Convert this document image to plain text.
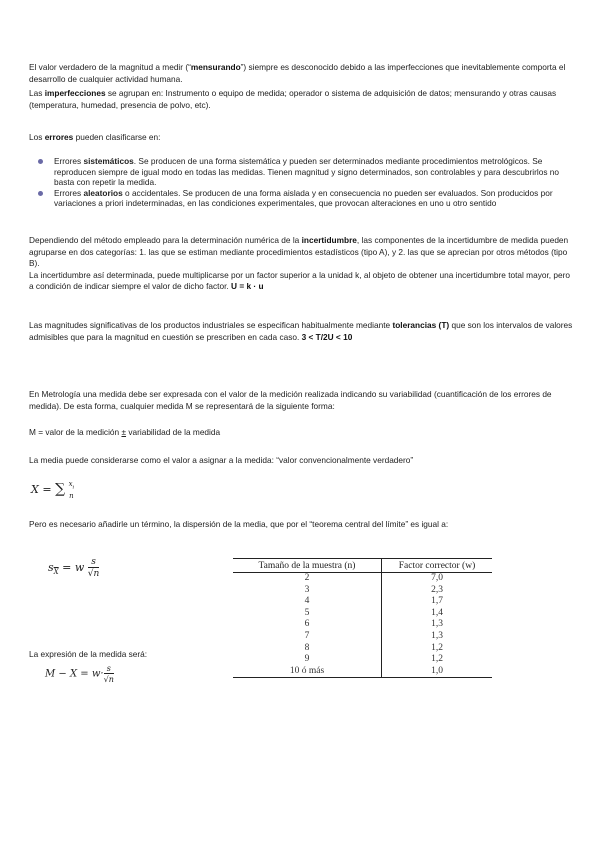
El valor verdadero de la magnitud a medir (“mensurando”) siempre es desconocido debido a las imperfecciones que inevitablemente comporta el desarrollo de cualquier actividad humana.

Las imperfecciones se agrupan en: Instrumento o equipo de medida; operador o sistema de adquisición de datos; mensurando y otras causas (temperatura, humedad, presencia de polvo, etc).

Los errores pueden clasificarse en:

Errores sistemáticos. Se producen de una forma sistemática y pueden ser determinados mediante procedimientos metrológicos. Se reproducen siempre de igual modo en todas las medidas. Tienen magnitud y signo determinados, son controlables y para descubrirlos no basta con repetir la medida.
Errores aleatorios o accidentales. Se producen de una forma aislada y en consecuencia no pueden ser evaluados. Son producidos por variaciones a priori indeterminadas, en las condiciones experimentales, que provocan alteraciones en uno u otro sentido

Dependiendo del método empleado para la determinación numérica de la incertidumbre, las componentes de la incertidumbre de medida pueden agruparse en dos categorías: 1. las que se estiman mediante procedimientos estadísticos (tipo A), y 2. las que se aprecian por otros métodos (tipo B).
La incertidumbre así determinada, puede multiplicarse por un factor superior a la unidad k, al objeto de obtener una incertidumbre total mayor, pero a condición de indicar siempre el valor de dicho factor. U = k · u

Las magnitudes significativas de los productos industriales se especifican habitualmente mediante tolerancias (T) que son los intervalos de valores admisibles que para la magnitud en cuestión se prescriben en cada caso. 3 < T/2U < 10

En Metrología una medida debe ser expresada con el valor de la medición realizada indicando su variabilidad (cuantificación de los errores de medida). De esta forma, cualquier medida M se representará de la siguiente forma:

M = valor de la medición ± variabilidad de la medida

La media puede considerarse como el valor a asignar a la medida: “valor convencionalmente verdadero”

X = ∑ $x_i$
n

Pero es necesario añadirle un término, la dispersión de la media, que por el “teorema central del límite” es igual a:

$s_{\overline{X}} = w \frac{s}{√n}$

La expresión de la medida será:

$M - X = w\cdot \frac{s}{√n}$
Tamaño de la muestra (n)	Factor corrector (w)
2	7,0
3	2,3
4	1,7
5	1,4
6	1,3
7	1,3
8	1,2
9	1,2
10 ó más	1,0
